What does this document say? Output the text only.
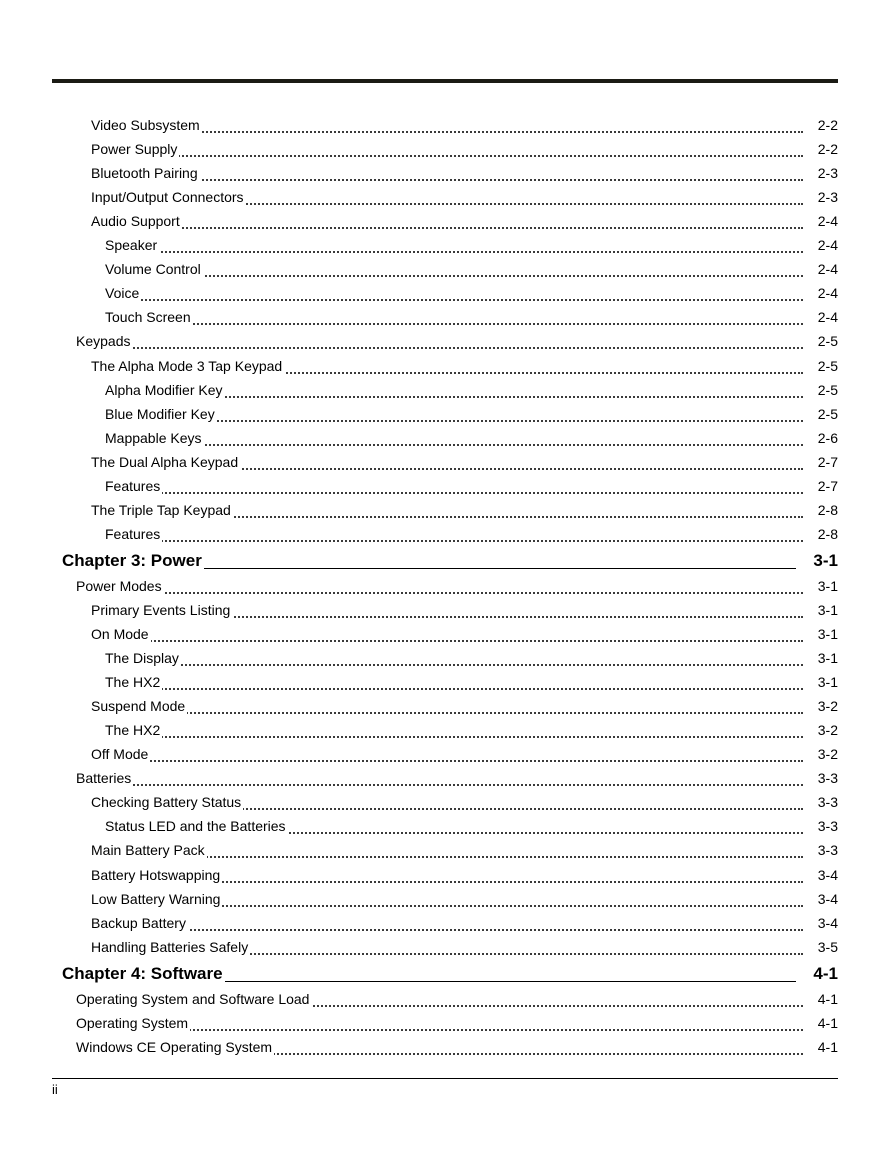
Video Subsystem	2-2
Power Supply	2-2
Bluetooth Pairing	2-3
Input/Output Connectors	2-3
Audio Support	2-4
Speaker	2-4
Volume Control	2-4
Voice	2-4
Touch Screen	2-4
Keypads	2-5
The Alpha Mode 3 Tap Keypad	2-5
Alpha Modifier Key	2-5
Blue Modifier Key	2-5
Mappable Keys	2-6
The Dual Alpha Keypad	2-7
Features	2-7
The Triple Tap Keypad	2-8
Features	2-8
Chapter 3: Power	3-1
Power Modes	3-1
Primary Events Listing	3-1
On Mode	3-1
The Display	3-1
The HX2	3-1
Suspend Mode	3-2
The HX2	3-2
Off Mode	3-2
Batteries	3-3
Checking Battery Status	3-3
Status LED and the Batteries	3-3
Main Battery Pack	3-3
Battery Hotswapping	3-4
Low Battery Warning	3-4
Backup Battery	3-4
Handling Batteries Safely	3-5
Chapter 4: Software	4-1
Operating System and Software Load	4-1
Operating System	4-1
Windows CE Operating System	4-1
ii
